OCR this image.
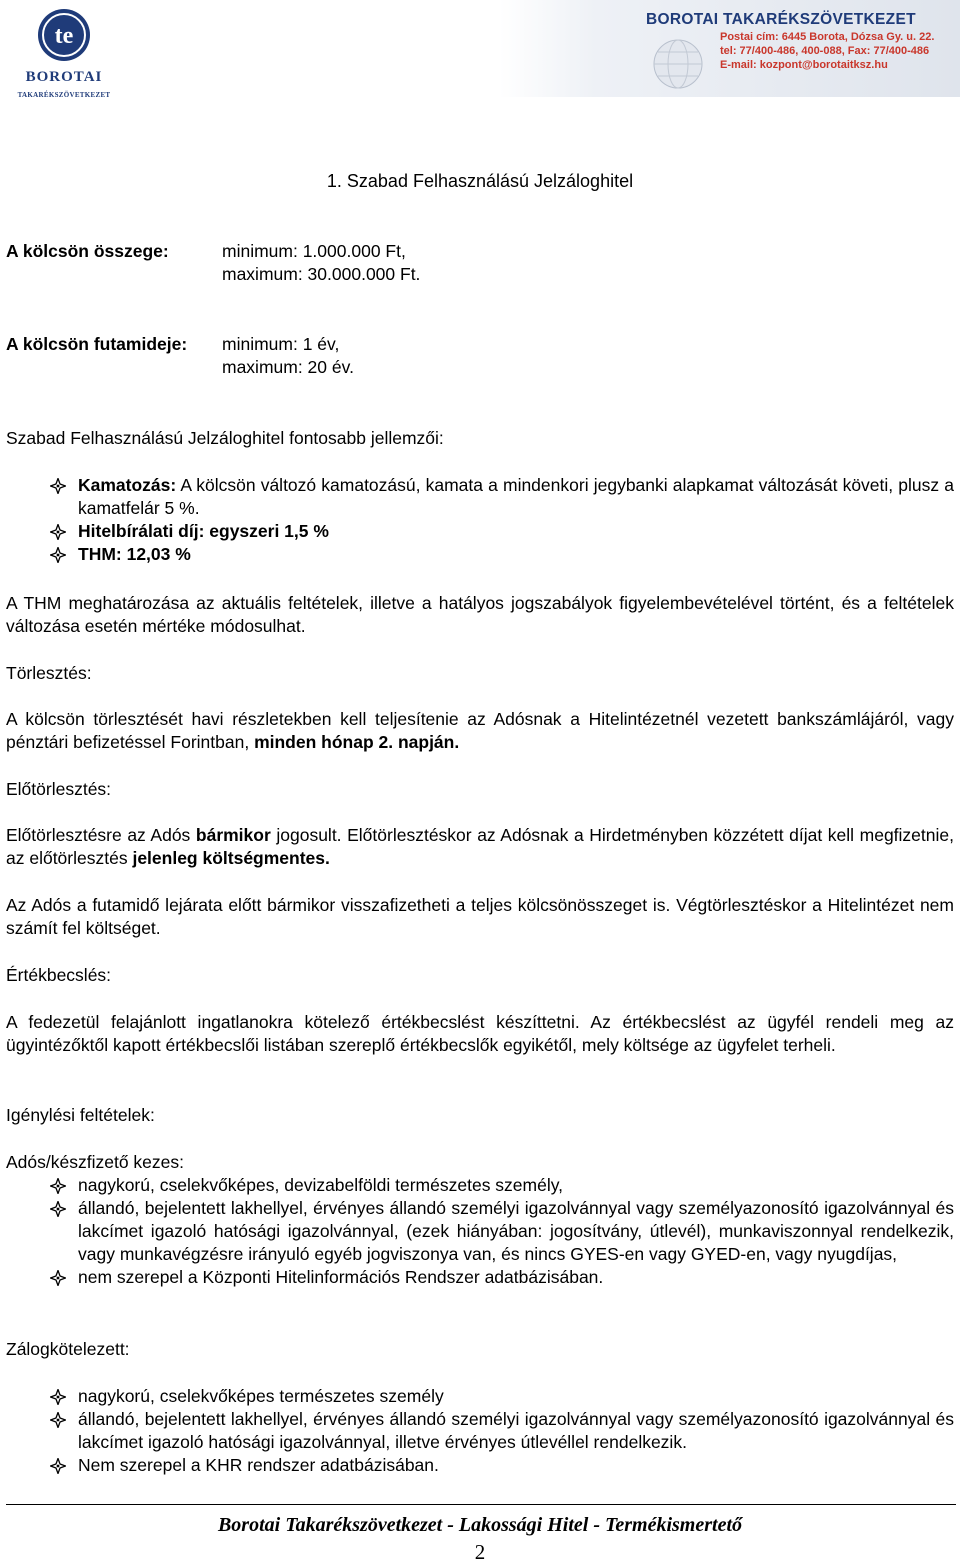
te
BOROTAI
TAKARÉKSZÖVETKEZET
BOROTAI TAKARÉKSZÖVETKEZET
Postai cím: 6445 Borota, Dózsa Gy. u. 22.
tel: 77/400-486, 400-088, Fax: 77/400-486
E-mail: kozpont@borotaitksz.hu
1. Szabad Felhasználású Jelzáloghitel
A kölcsön összege:	minimum: 1.000.000 Ft,
maximum: 30.000.000 Ft.
A kölcsön futamideje: minimum: 1 év,
maximum: 20 év.
Szabad Felhasználású Jelzáloghitel fontosabb jellemzői:
Kamatozás: A kölcsön változó kamatozású, kamata a mindenkori jegybanki alapkamat változását követi, plusz a kamatfelár 5 %.
Hitelbírálati díj: egyszeri 1,5 %
THM: 12,03 %
A THM meghatározása az aktuális feltételek, illetve a hatályos jogszabályok figyelembevételével történt, és a feltételek változása esetén mértéke módosulhat.
Törlesztés:
A kölcsön törlesztését havi részletekben kell teljesítenie az Adósnak a Hitelintézetnél vezetett bankszámlájáról, vagy pénztári befizetéssel Forintban, minden hónap 2. napján.
Előtörlesztés:
Előtörlesztésre az Adós bármikor jogosult. Előtörlesztéskor az Adósnak a Hirdetményben közzétett díjat kell megfizetnie, az előtörlesztés jelenleg költségmentes.
Az Adós a futamidő lejárata előtt bármikor visszafizetheti a teljes kölcsönösszeget is. Végtörlesztéskor a Hitelintézet nem számít fel költséget.
Értékbecslés:
A fedezetül felajánlott ingatlanokra kötelező értékbecslést készíttetni. Az értékbecslést az ügyfél rendeli meg az ügyintézőktől kapott értékbecslői listában szereplő értékbecslők egyikétől, mely költsége az ügyfelet terheli.
Igénylési feltételek:
Adós/készfizető kezes:
nagykorú, cselekvőképes, devizabelföldi természetes személy,
állandó, bejelentett lakhellyel, érvényes állandó személyi igazolvánnyal vagy személyazonosító igazolvánnyal és lakcímet igazoló hatósági igazolvánnyal, (ezek hiányában: jogosítvány, útlevél), munkaviszonnyal rendelkezik, vagy munkavégzésre irányuló egyéb jogviszonya van, és nincs GYES-en vagy GYED-en, vagy nyugdíjas,
nem szerepel a Központi Hitelinformációs Rendszer adatbázisában.
Zálogkötelezett:
nagykorú, cselekvőképes természetes személy
állandó, bejelentett lakhellyel, érvényes állandó személyi igazolvánnyal vagy személyazonosító igazolvánnyal és lakcímet igazoló hatósági igazolvánnyal, illetve érvényes útlevéllel rendelkezik.
Nem szerepel a KHR rendszer adatbázisában.
Borotai Takarékszövetkezet - Lakossági Hitel - Termékismertető
2
